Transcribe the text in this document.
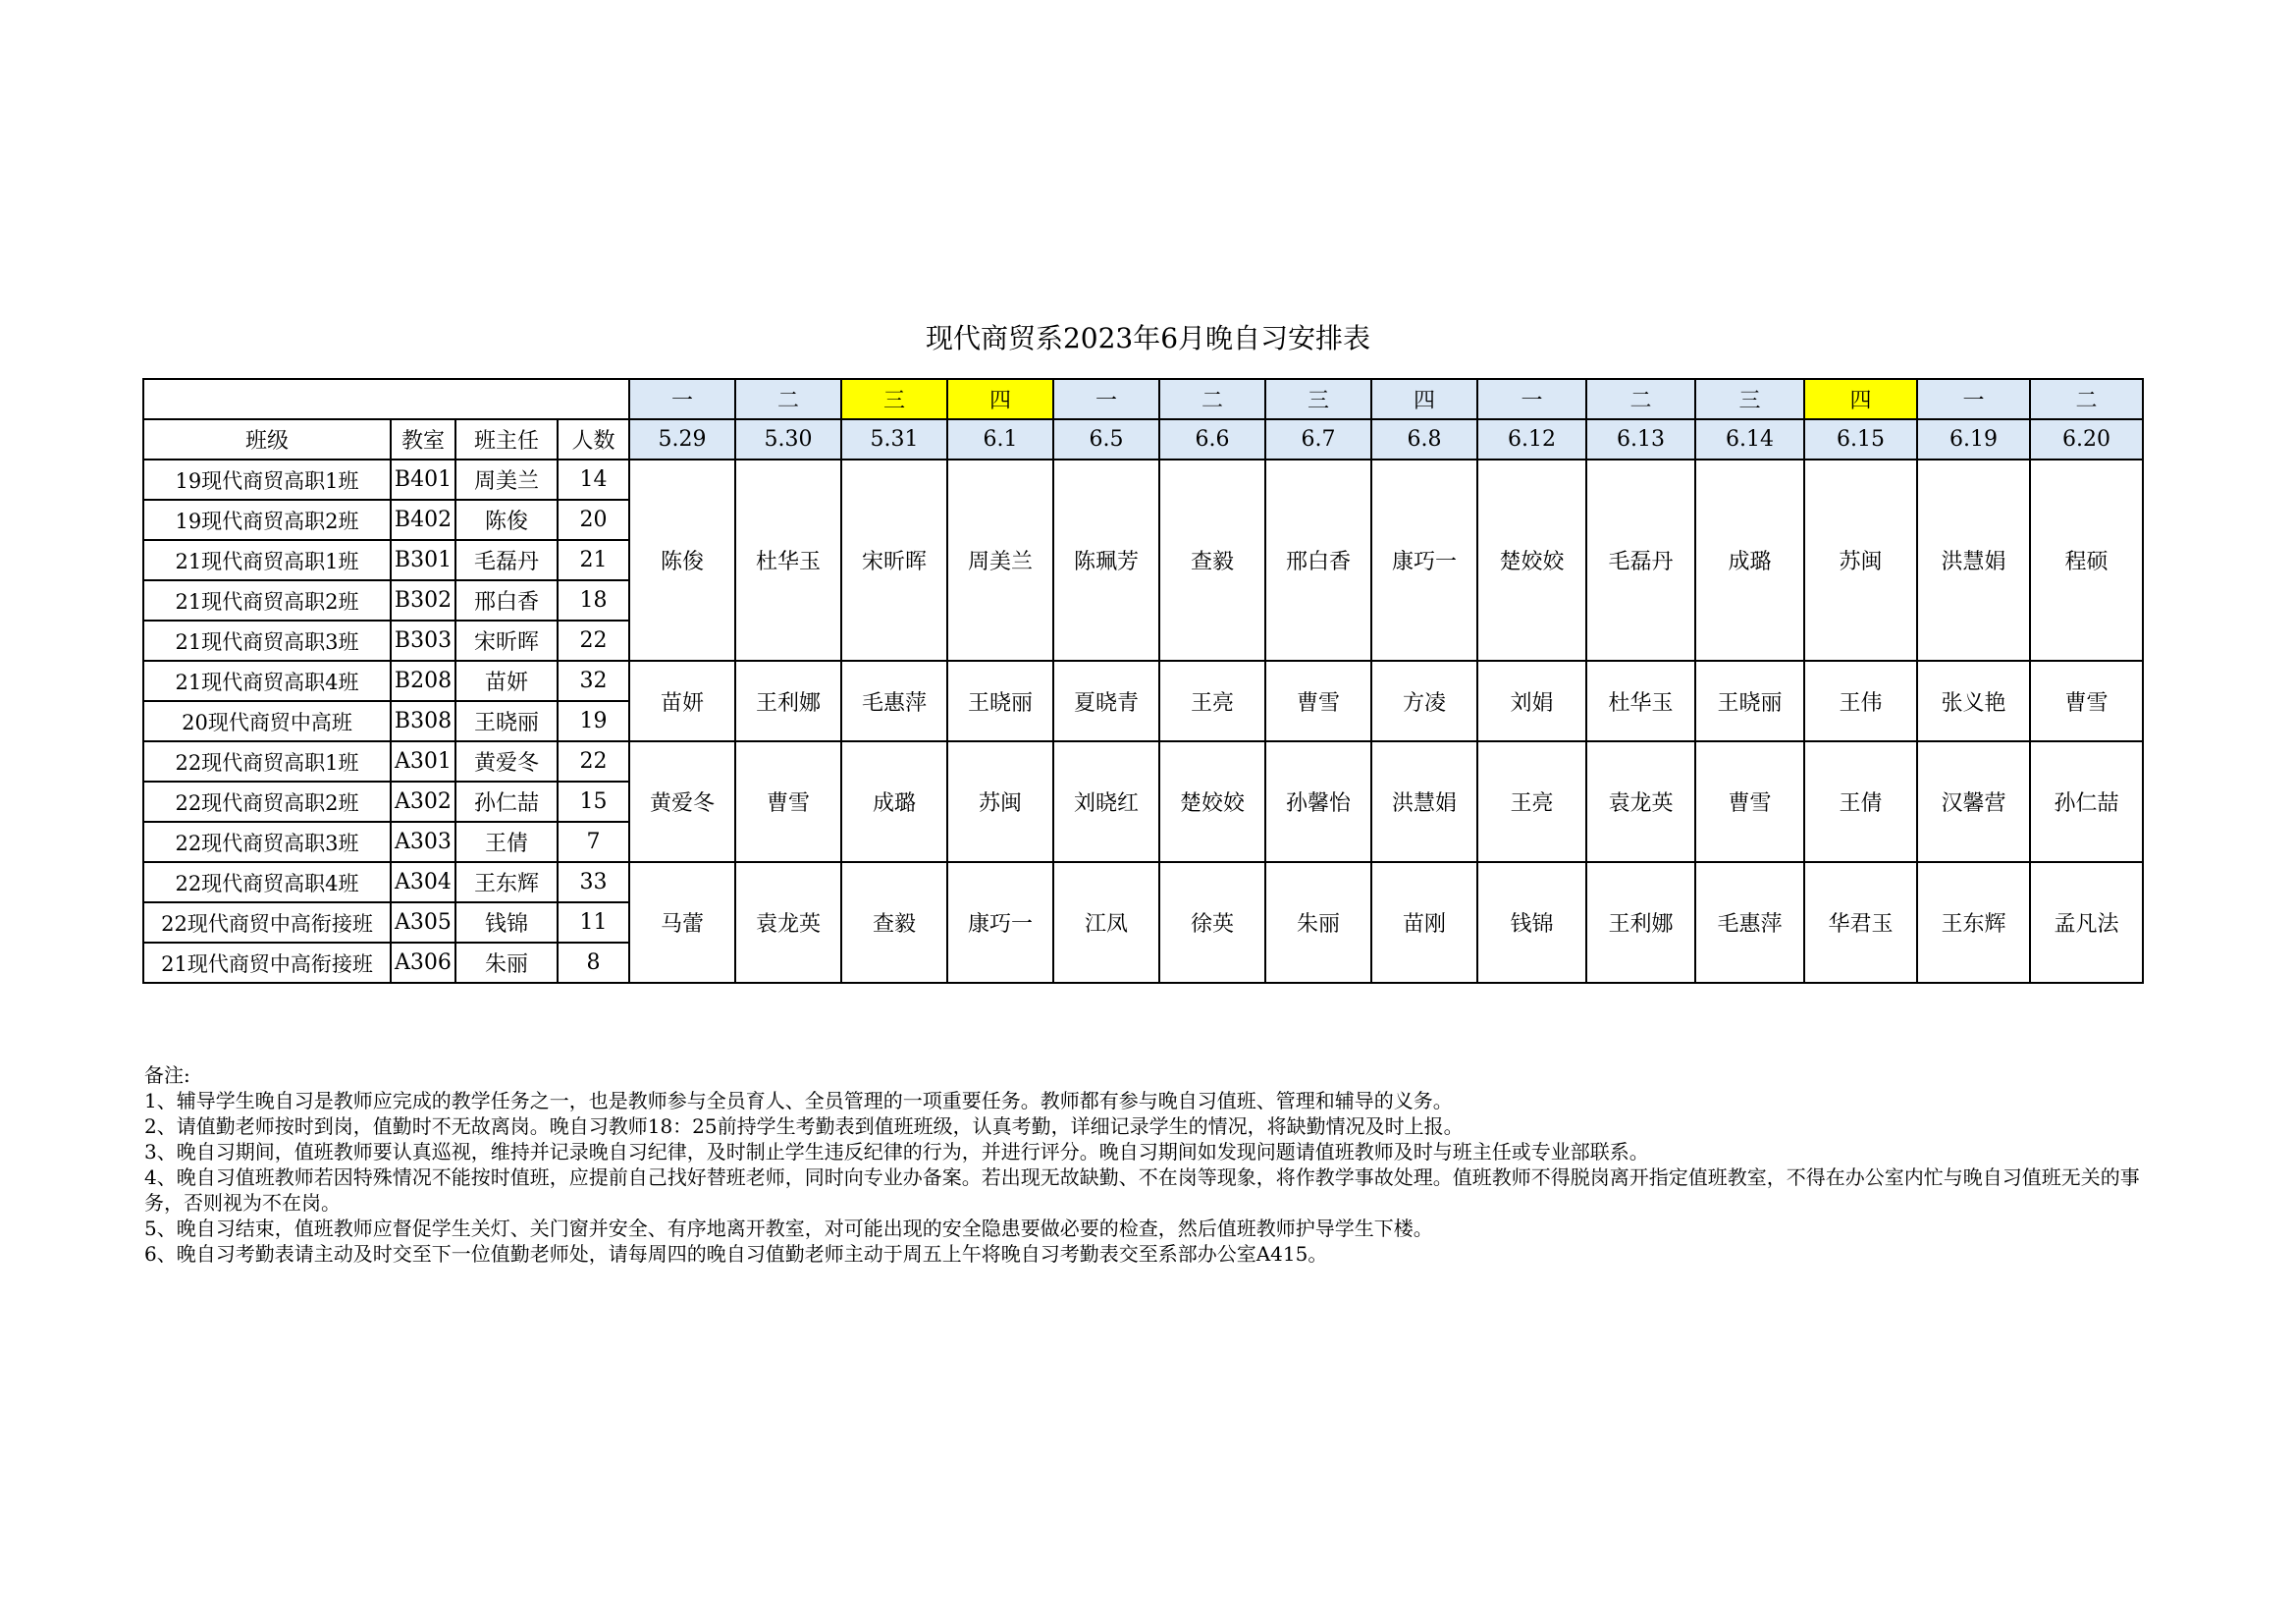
现代商贸系2023年6月晚自习安排表
				一	二	三	四	一	二	三	四	一	二	三	四	一	二
班级	教室	班主任	人数	5.29	5.30	5.31	6.1	6.5	6.6	6.7	6.8	6.12	6.13	6.14	6.15	6.19	6.20
19现代商贸高职1班	B401	周美兰	14	陈俊	杜华玉	宋昕晖	周美兰	陈珮芳	查毅	邢白香	康巧一	楚姣姣	毛磊丹	成璐	苏闽	洪慧娟	程硕
19现代商贸高职2班	B402	陈俊	20														
21现代商贸高职1班	B301	毛磊丹	21														
21现代商贸高职2班	B302	邢白香	18														
21现代商贸高职3班	B303	宋昕晖	22														
21现代商贸高职4班	B208	苗妍	32	苗妍	王利娜	毛惠萍	王晓丽	夏晓青	王亮	曹雪	方凌	刘娟	杜华玉	王晓丽	王伟	张义艳	曹雪
20现代商贸中高班	B308	王晓丽	19														
22现代商贸高职1班	A301	黄爱冬	22	黄爱冬	曹雪	成璐	苏闽	刘晓红	楚姣姣	孙馨怡	洪慧娟	王亮	袁龙英	曹雪	王倩	汉馨营	孙仁喆
22现代商贸高职2班	A302	孙仁喆	15														
22现代商贸高职3班	A303	王倩	7														
22现代商贸高职4班	A304	王东辉	33	马蕾	袁龙英	查毅	康巧一	江凤	徐英	朱丽	苗刚	钱锦	王利娜	毛惠萍	华君玉	王东辉	孟凡法
22现代商贸中高衔接班	A305	钱锦	11														
21现代商贸中高衔接班	A306	朱丽	8														

备注:

1、辅导学生晚自习是教师应完成的教学任务之一，也是教师参与全员育人、全员管理的一项重要任务。教师都有参与晚自习值班、管理和辅导的义务。

2、请值勤老师按时到岗，值勤时不无故离岗。晚自习教师18：25前持学生考勤表到值班班级，认真考勤，详细记录学生的情况，将缺勤情况及时上报。

3、晚自习期间，值班教师要认真巡视，维持并记录晚自习纪律，及时制止学生违反纪律的行为，并进行评分。晚自习期间如发现问题请值班教师及时与班主任或专业部联系。

4、晚自习值班教师若因特殊情况不能按时值班，应提前自己找好替班老师，同时向专业办备案。若出现无故缺勤、不在岗等现象，将作教学事故处理。值班教师不得脱岗离开指定值班教室，不得在办公室内忙与晚自习值班无关的事务，否则视为不在岗。

5、晚自习结束，值班教师应督促学生关灯、关门窗并安全、有序地离开教室，对可能出现的安全隐患要做必要的检查，然后值班教师护导学生下楼。

6、晚自习考勤表请主动及时交至下一位值勤老师处，请每周四的晚自习值勤老师主动于周五上午将晚自习考勤表交至系部办公室A415。
